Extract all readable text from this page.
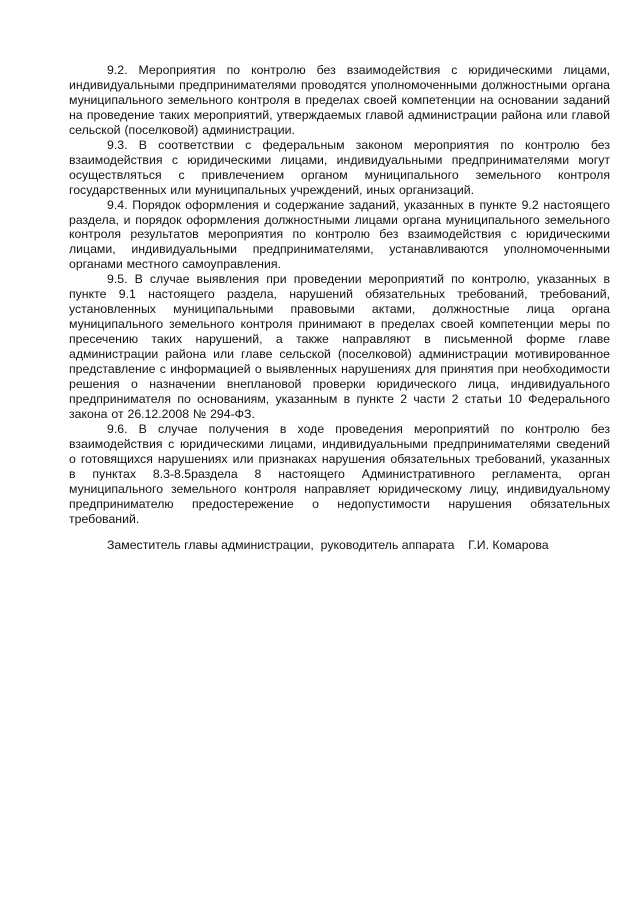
9.2. Мероприятия по контролю без взаимодействия с юридическими лицами, индивидуальными предпринимателями проводятся уполномоченными должностными органа муниципального земельного контроля в пределах своей компетенции на основании заданий на проведение таких мероприятий, утверждаемых главой администрации района или главой сельской (поселковой) администрации.

9.3. В соответствии с федеральным законом мероприятия по контролю без взаимодействия с юридическими лицами, индивидуальными предпринимателями могут осуществляться с привлечением органом муниципального земельного контроля государственных или муниципальных учреждений, иных организаций.

9.4. Порядок оформления и содержание заданий, указанных в пункте 9.2 настоящего раздела, и порядок оформления должностными лицами органа муниципального земельного контроля результатов мероприятия по контролю без взаимодействия с юридическими лицами, индивидуальными предпринимателями, устанавливаются уполномоченными органами местного самоуправления.

9.5. В случае выявления при проведении мероприятий по контролю, указанных в пункте 9.1 настоящего раздела, нарушений обязательных требований, требований, установленных муниципальными правовыми актами, должностные лица органа муниципального земельного контроля принимают в пределах своей компетенции меры по пресечению таких нарушений, а также направляют в письменной форме главе администрации района или главе сельской (поселковой) администрации мотивированное представление с информацией о выявленных нарушениях для принятия при необходимости решения о назначении внеплановой проверки юридического лица, индивидуального предпринимателя по основаниям, указанным в пункте 2 части 2 статьи 10 Федерального закона от 26.12.2008 № 294-ФЗ.

9.6. В случае получения в ходе проведения мероприятий по контролю без взаимодействия с юридическими лицами, индивидуальными предпринимателями сведений о готовящихся нарушениях или признаках нарушения обязательных требований, указанных в пунктах 8.3-8.5раздела 8 настоящего Административного регламента, орган муниципального земельного контроля направляет юридическому лицу, индивидуальному предпринимателю предостережение о недопустимости нарушения обязательных требований.

Заместитель главы администрации,  руководитель аппарата    Г.И. Комарова
